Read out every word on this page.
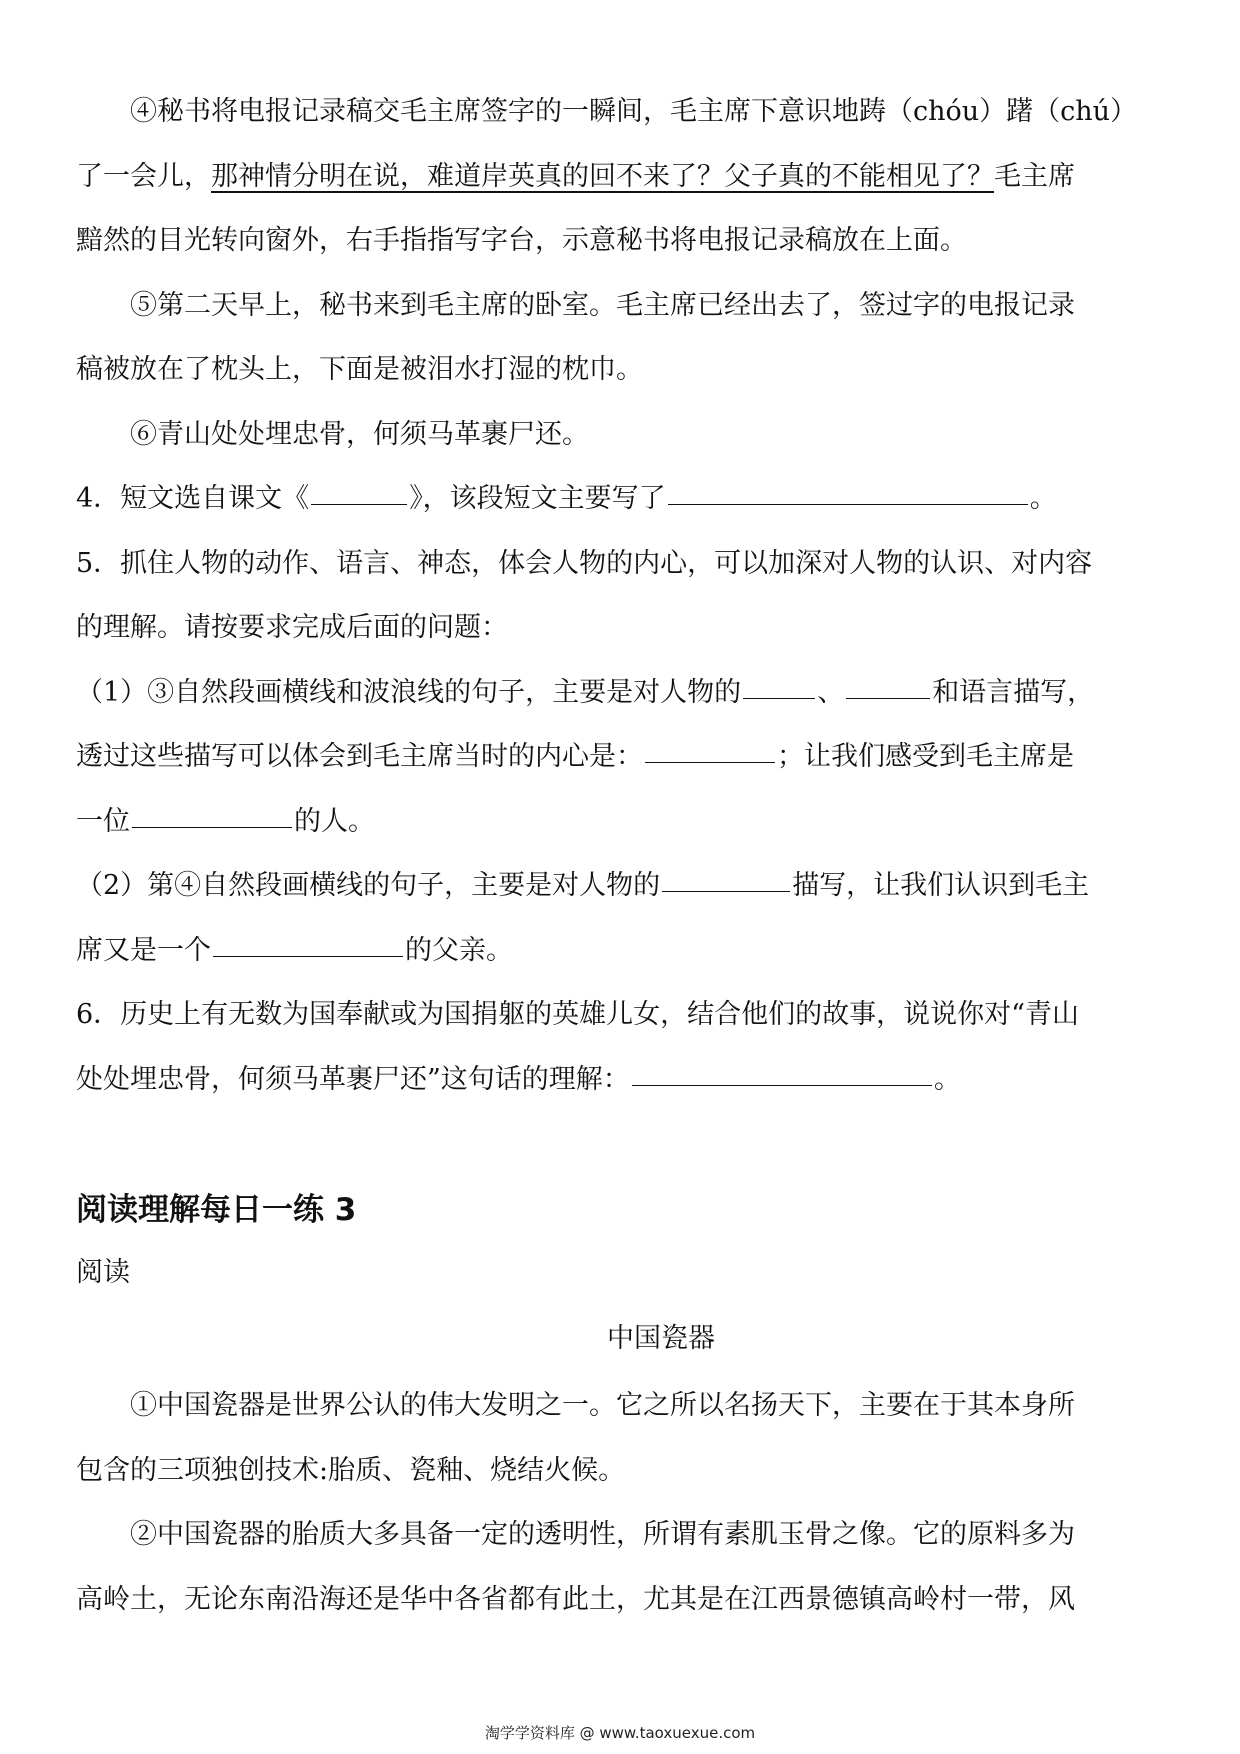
④秘书将电报记录稿交毛主席签字的一瞬间，毛主席下意识地踌（chóu）躇（chú）
了一会儿，那神情分明在说，难道岸英真的回不来了？父子真的不能相见了？毛主席
黯然的目光转向窗外，右手指指写字台，示意秘书将电报记录稿放在上面。
⑤第二天早上，秘书来到毛主席的卧室。毛主席已经出去了，签过字的电报记录
稿被放在了枕头上，下面是被泪水打湿的枕巾。
⑥青山处处埋忠骨，何须马革裹尸还。
4．短文选自课文《	》，该段短文主要写了	。
5．抓住人物的动作、语言、神态，体会人物的内心，可以加深对人物的认识、对内容
的理解。请按要求完成后面的问题：
（1）③自然段画横线和波浪线的句子，主要是对人物的	、	和语言描写，
透过这些描写可以体会到毛主席当时的内心是：	；让我们感受到毛主席是
一位	的人。
（2）第④自然段画横线的句子，主要是对人物的	描写，让我们认识到毛主
席又是一个	的父亲。
6．历史上有无数为国奉献或为国捐躯的英雄儿女，结合他们的故事，说说你对“青山
处处埋忠骨，何须马革裹尸还”这句话的理解：	。
阅读理解每日一练 3
阅读
中国瓷器
①中国瓷器是世界公认的伟大发明之一。它之所以名扬天下，主要在于其本身所
包含的三项独创技术:胎质、瓷釉、烧结火候。
②中国瓷器的胎质大多具备一定的透明性，所谓有素肌玉骨之像。它的原料多为
高岭土，无论东南沿海还是华中各省都有此土，尤其是在江西景德镇高岭村一带，风
淘学学资料库 @ www.taoxuexue.com
